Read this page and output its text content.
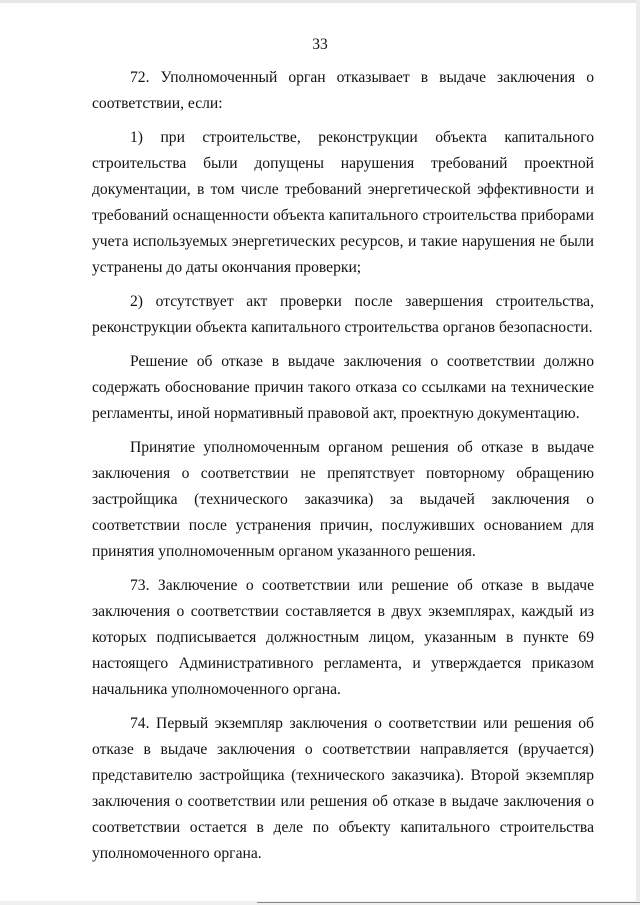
33

72. Уполномоченный орган отказывает в выдаче заключения о соответствии, если:

1) при строительстве, реконструкции объекта капитального строительства были допущены нарушения требований проектной документации, в том числе требований энергетической эффективности и требований оснащенности объекта капитального строительства приборами учета используемых энергетических ресурсов, и такие нарушения не были устранены до даты окончания проверки;

2) отсутствует акт проверки после завершения строительства, реконструкции объекта капитального строительства органов безопасности.

Решение об отказе в выдаче заключения о соответствии должно содержать обоснование причин такого отказа со ссылками на технические регламенты, иной нормативный правовой акт, проектную документацию.

Принятие уполномоченным органом решения об отказе в выдаче заключения о соответствии не препятствует повторному обращению застройщика (технического заказчика) за выдачей заключения о соответствии после устранения причин, послуживших основанием для принятия уполномоченным органом указанного решения.

73. Заключение о соответствии или решение об отказе в выдаче заключения о соответствии составляется в двух экземплярах, каждый из которых подписывается должностным лицом, указанным в пункте 69 настоящего Административного регламента, и утверждается приказом начальника уполномоченного органа.

74. Первый экземпляр заключения о соответствии или решения об отказе в выдаче заключения о соответствии направляется (вручается) представителю застройщика (технического заказчика). Второй экземпляр заключения о соответствии или решения об отказе в выдаче заключения о соответствии остается в деле по объекту капитального строительства уполномоченного органа.
